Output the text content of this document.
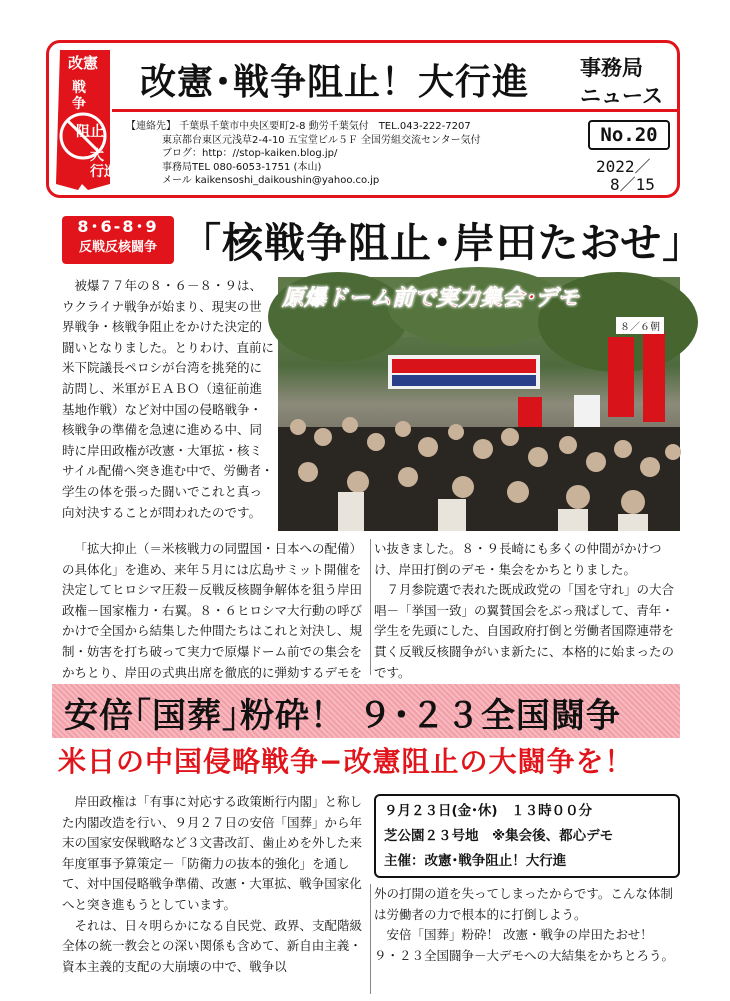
改憲･戦争阻止！大行進 事務局
ニュース
改憲
戦
争
阻止
大
行進
【連絡先】 千葉県千葉市中央区要町2-8 動労千葉気付　TEL.043-222-7207
東京都台東区元浅草2-4-10 五宝堂ビル５Ｆ 全国労組交流センター気付
ブログ：http：//stop-kaiken.blog.jp/
事務局TEL 080-6053-1751 (本山)
メール kaikensoshi_daikoushin@yahoo.co.jp
No.20
2022／
8／15
8･6-8･9
反戦反核闘争 「核戦争阻止･岸田たおせ」

被爆７７年の８・６－８・９は、ウクライナ戦争が始まり、現実の世界戦争・核戦争阻止をかけた決定的闘いとなりました。とりわけ、直前に米下院議長ペロシが台湾を挑発的に訪問し、米軍がＥＡＢＯ（遠征前進基地作戦）など対中国の侵略戦争・核戦争の準備を急速に進める中、同時に岸田政権が改憲・大軍拡・核ミサイル配備へ突き進む中で、労働者・学生の体を張った闘いでこれと真っ向対決することが問われたのです。

原爆ドーム前で実力集会･デモ
８／６朝

「拡大抑止（＝米核戦力の同盟国・日本への配備）の具体化」を進め、来年５月には広島サミット開催を決定してヒロシマ圧殺－反戦反核闘争解体を狙う岸田政権－国家権力・右翼。８・６ヒロシマ大行動の呼びかけで全国から結集した仲間たちはこれと対決し、規制・妨害を打ち破って実力で原爆ドーム前での集会をかちとり、岸田の式典出席を徹底的に弾劾するデモを

い抜きました。８・９長崎にも多くの仲間がかけつけ、岸田打倒のデモ・集会をかちとりました。

７月参院選で表れた既成政党の「国を守れ」の大合唱－「挙国一致」の翼賛国会をぶっ飛ばして、青年・学生を先頭にした、自国政府打倒と労働者国際連帯を貫く反戦反核闘争がいま新たに、本格的に始まったのです。

安倍｢国葬｣粉砕！ ９･２３全国闘争
米日の中国侵略戦争−改憲阻止の大闘争を！

岸田政権は「有事に対応する政策断行内閣」と称した内閣改造を行い、９月２７日の安倍「国葬」から年末の国家安保戦略など３文書改訂、歯止めを外した来年度軍事予算策定－「防衛力の抜本的強化」を通して、対中国侵略戦争準備、改憲・大軍拡、戦争国家化へと突き進もうとしています。

それは、日々明らかになる自民党、政界、支配階級全体の統一教会との深い関係も含めて、新自由主義・資本主義的支配の大崩壊の中で、戦争以

９月２３日(金･休)　１３時００分
芝公園２３号地　※集会後、都心デモ
主催：改憲･戦争阻止！大行進

外の打開の道を失ってしまったからです。こんな体制は労働者の力で根本的に打倒しよう。

安倍「国葬」粉砕！ 改憲・戦争の岸田たおせ！ ９・２３全国闘争－大デモへの大結集をかちとろう。
